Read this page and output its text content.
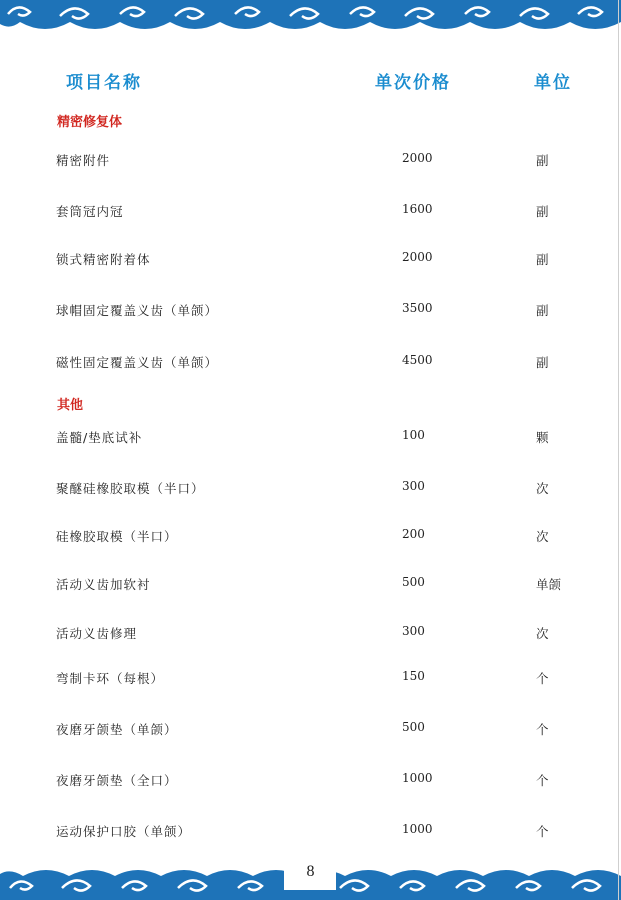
项目名称	单次价格	单位
精密修复体
精密附件	2000	副
套筒冠内冠	1600	副
锁式精密附着体	2000	副
球帽固定覆盖义齿（单颌）	3500	副
磁性固定覆盖义齿（单颌）	4500	副
其他
盖髓/垫底试补	100	颗
聚醚硅橡胶取模（半口）	300	次
硅橡胶取模（半口）	200	次
活动义齿加软衬	500	单颌
活动义齿修理	300	次
弯制卡环（每根）	150	个
夜磨牙颌垫（单颌）	500	个
夜磨牙颌垫（全口）	1000	个
运动保护口胶（单颌）	1000	个
8
